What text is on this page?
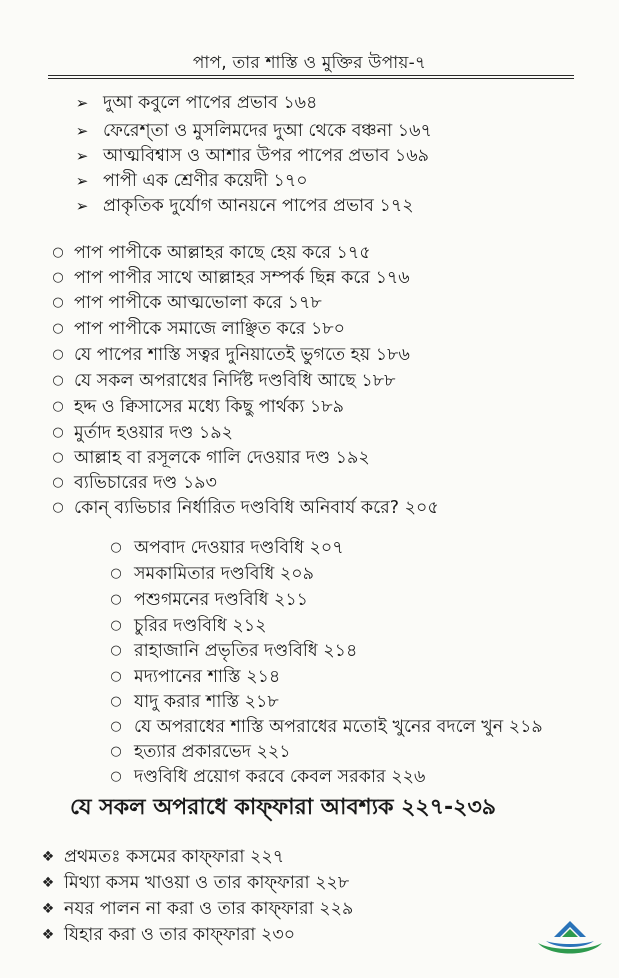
পাপ, তার শাস্তি ও মুক্তির উপায়-৭
➢ দুআ কবুলে পাপের প্রভাব ১৬৪
➢ ফেরেশ্‌তা ও মুসলিমদের দুআ থেকে বঞ্চনা ১৬৭
➢ আত্মবিশ্বাস ও আশার উপর পাপের প্রভাব ১৬৯
➢ পাপী এক শ্রেণীর কয়েদী ১৭০
➢ প্রাকৃতিক দুর্যোগ আনয়নে পাপের প্রভাব ১৭২
○ পাপ পাপীকে আল্লাহর কাছে হেয় করে ১৭৫
○ পাপ পাপীর সাথে আল্লাহর সম্পর্ক ছিন্ন করে ১৭৬
○ পাপ পাপীকে আত্মভোলা করে ১৭৮
○ পাপ পাপীকে সমাজে লাঞ্ছিত করে ১৮০
○ যে পাপের শাস্তি সত্বর দুনিয়াতেই ভুগতে হয় ১৮৬
○ যে সকল অপরাধের নির্দিষ্ট দণ্ডবিধি আছে ১৮৮
○ হদ্দ ও ক্বিসাসের মধ্যে কিছু পার্থক্য ১৮৯
○ মুর্তাদ হওয়ার দণ্ড ১৯২
○ আল্লাহ বা রসূলকে গালি দেওয়ার দণ্ড ১৯২
○ ব্যভিচারের দণ্ড ১৯৩
○ কোন্‌ ব্যভিচার নির্ধারিত দণ্ডবিধি অনিবার্য করে? ২০৫
○ অপবাদ দেওয়ার দণ্ডবিধি ২০৭
○ সমকামিতার দণ্ডবিধি ২০৯
○ পশুগমনের দণ্ডবিধি ২১১
○ চুরির দণ্ডবিধি ২১২
○ রাহাজানি প্রভৃতির দণ্ডবিধি ২১৪
○ মদ্যপানের শাস্তি ২১৪
○ যাদু করার শাস্তি ২১৮
○ যে অপরাধের শাস্তি অপরাধের মতোই খুনের বদলে খুন ২১৯
○ হত্যার প্রকারভেদ ২২১
○ দণ্ডবিধি প্রয়োগ করবে কেবল সরকার ২২৬
যে সকল অপরাধে কাফ্‌ফারা আবশ্যক ২২৭-২৩৯
❖ প্রথমতঃ কসমের কাফ্‌ফারা ২২৭
❖ মিথ্যা কসম খাওয়া ও তার কাফ্‌ফারা ২২৮
❖ নযর পালন না করা ও তার কাফ্‌ফারা ২২৯
❖ যিহার করা ও তার কাফ্‌ফারা ২৩০
